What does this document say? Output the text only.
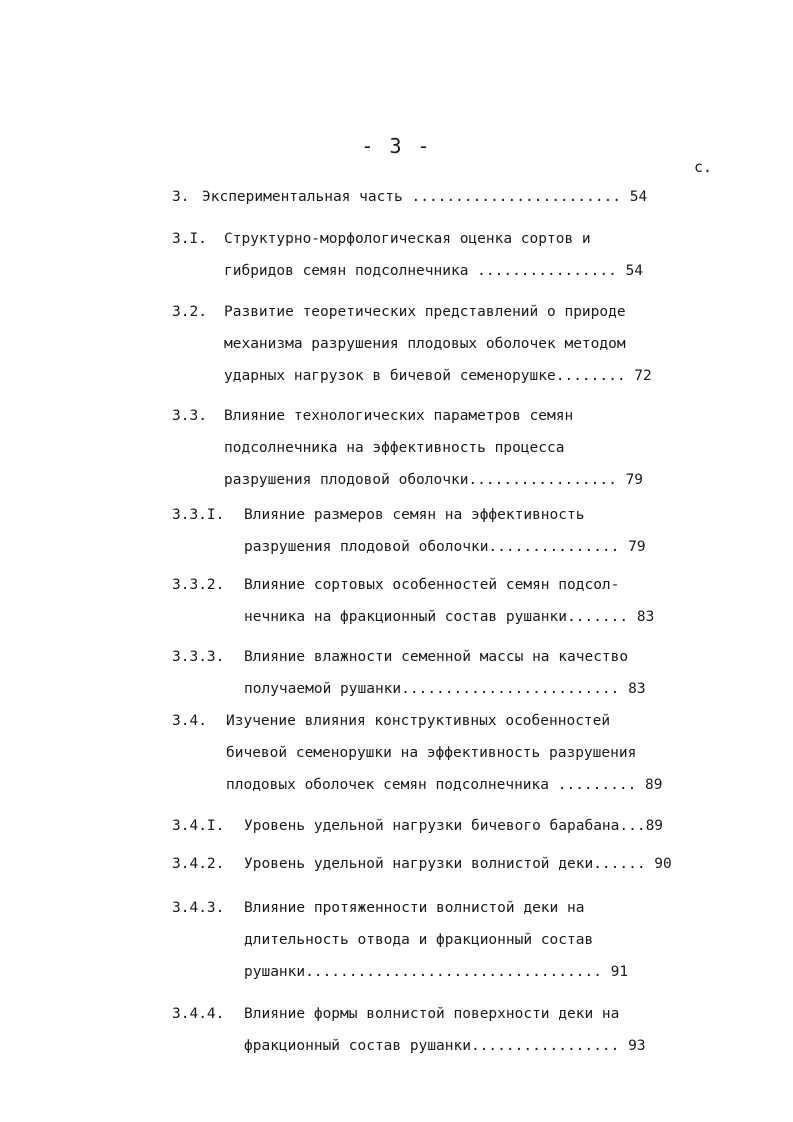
- 3 -
с.
3. Экспериментальная часть ........................ 54
3.I. Структурно-морфологическая оценка сортов и
гибридов семян подсолнечника ................ 54
3.2. Развитие теоретических представлений о природе
механизма разрушения плодовых оболочек методом
ударных нагрузок в бичевой семенорушке........ 72
3.3. Влияние технологических параметров семян
подсолнечника на эффективность процесса
разрушения плодовой оболочки................. 79
3.3.I. Влияние размеров семян на эффективность
разрушения плодовой оболочки............... 79
3.3.2. Влияние сортовых особенностей семян подсол-
нечника на фракционный состав рушанки....... 83
3.3.3. Влияние влажности семенной массы на качество
получаемой рушанки......................... 83
3.4. Изучение влияния конструктивных особенностей
бичевой семенорушки на эффективность разрушения
плодовых оболочек семян подсолнечника ......... 89
3.4.I. Уровень удельной нагрузки бичевого барабана...89
3.4.2. Уровень удельной нагрузки волнистой деки...... 90
3.4.3. Влияние протяженности волнистой деки на
длительность отвода и фракционный состав
рушанки.................................. 91
3.4.4. Влияние формы волнистой поверхности деки на
фракционный состав рушанки................. 93
